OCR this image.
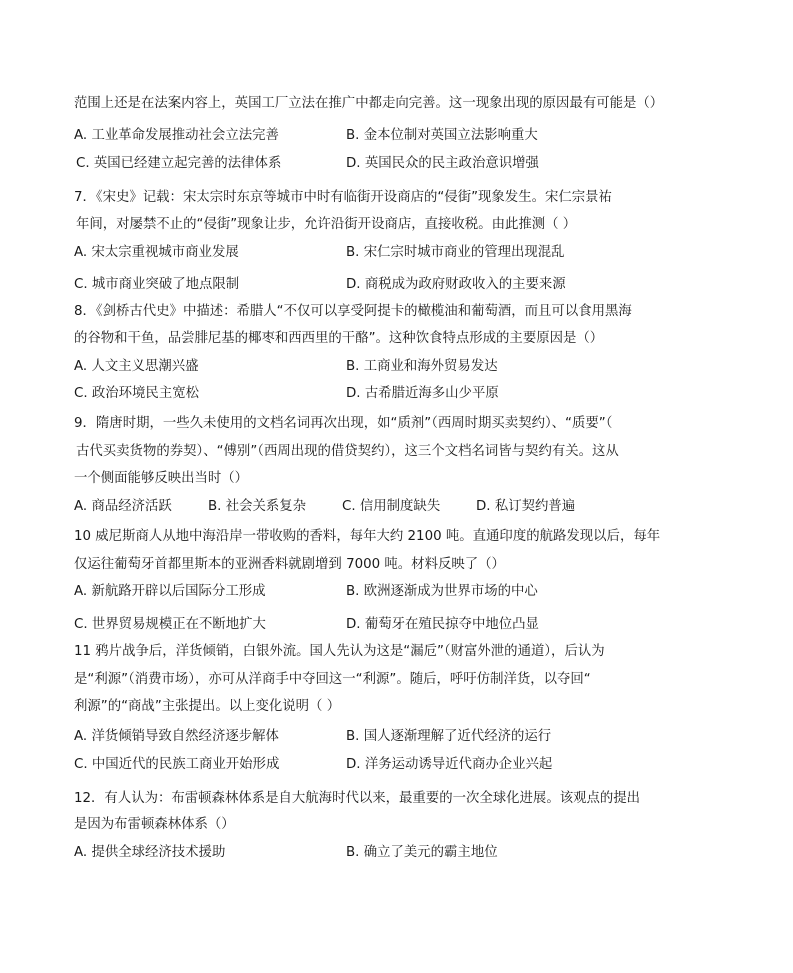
范围上还是在法案内容上，英国工厂立法在推广中都走向完善。这一现象出现的原因最有可能是（）
A. 工业革命发展推动社会立法完善	B. 金本位制对英国立法影响重大
C. 英国已经建立起完善的法律体系	D. 英国民众的民主政治意识增强
7．《宋史》记载：宋太宗时东京等城市中时有临街开设商店的“侵街”现象发生。宋仁宗景祐
年间，对屡禁不止的“侵街”现象让步，允许沿街开设商店，直接收税。由此推测（ ）
A. 宋太宗重视城市商业发展	B. 宋仁宗时城市商业的管理出现混乱
C. 城市商业突破了地点限制	D. 商税成为政府财政收入的主要来源
8．《剑桥古代史》中描述：希腊人“不仅可以享受阿提卡的橄榄油和葡萄酒，而且可以食用黑海
的谷物和干鱼，品尝腓尼基的椰枣和西西里的干酪”。这种饮食特点形成的主要原因是（）
A. 人文主义思潮兴盛	B. 工商业和海外贸易发达
C. 政治环境民主宽松	D. 古希腊近海多山少平原
9．隋唐时期，一些久未使用的文档名词再次出现，如“质剂”（西周时期买卖契约）、“质要”（
古代买卖货物的券契）、“傅别”（西周出现的借贷契约），这三个文档名词皆与契约有关。这从
一个侧面能够反映出当时（）
A. 商品经济活跃	B. 社会关系复杂	C. 信用制度缺失	D. 私订契约普遍
10 威尼斯商人从地中海沿岸一带收购的香料，每年大约 2100 吨。直通印度的航路发现以后，每年
仅运往葡萄牙首都里斯本的亚洲香料就剧增到 7000 吨。材料反映了（）
A. 新航路开辟以后国际分工形成	B. 欧洲逐渐成为世界市场的中心
C. 世界贸易规模正在不断地扩大	D. 葡萄牙在殖民掠夺中地位凸显
11 鸦片战争后，洋货倾销，白银外流。国人先认为这是“漏卮”（财富外泄的通道），后认为
是“利源”（消费市场），亦可从洋商手中夺回这一“利源”。随后，呼吁仿制洋货，以夺回“
利源”的“商战”主张提出。以上变化说明（ ）
A. 洋货倾销导致自然经济逐步解体	B. 国人逐渐理解了近代经济的运行
C. 中国近代的民族工商业开始形成	D. 洋务运动诱导近代商办企业兴起
12．有人认为：布雷顿森林体系是自大航海时代以来，最重要的一次全球化进展。该观点的提出
是因为布雷顿森林体系（）
A. 提供全球经济技术援助	B. 确立了美元的霸主地位
